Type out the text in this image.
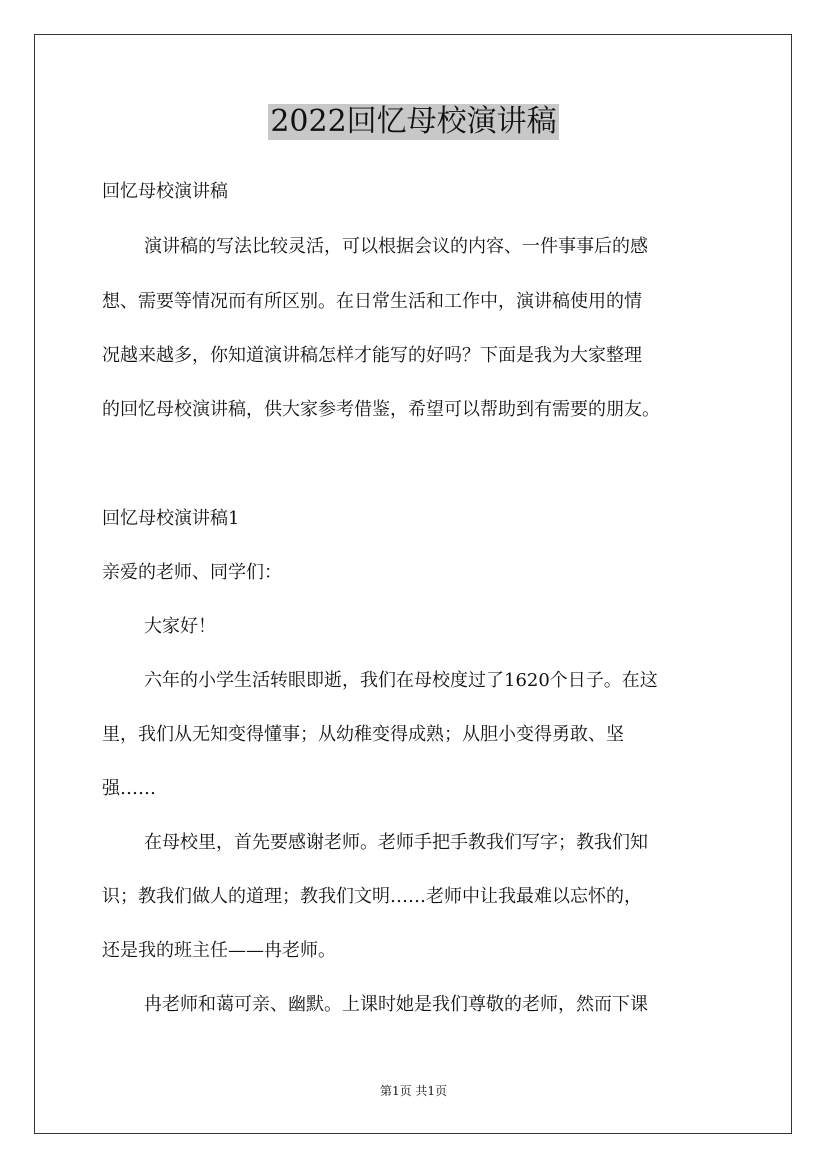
2022回忆母校演讲稿
回忆母校演讲稿
演讲稿的写法比较灵活，可以根据会议的内容、一件事事后的感
想、需要等情况而有所区别。在日常生活和工作中，演讲稿使用的情
况越来越多，你知道演讲稿怎样才能写的好吗？下面是我为大家整理
的回忆母校演讲稿，供大家参考借鉴，希望可以帮助到有需要的朋友。
回忆母校演讲稿1
亲爱的老师、同学们：
大家好！
六年的小学生活转眼即逝，我们在母校度过了1620个日子。在这
里，我们从无知变得懂事；从幼稚变得成熟；从胆小变得勇敢、坚
强……
在母校里，首先要感谢老师。老师手把手教我们写字；教我们知
识；教我们做人的道理；教我们文明……老师中让我最难以忘怀的，
还是我的班主任——冉老师。
冉老师和蔼可亲、幽默。上课时她是我们尊敬的老师，然而下课
第1页 共1页
